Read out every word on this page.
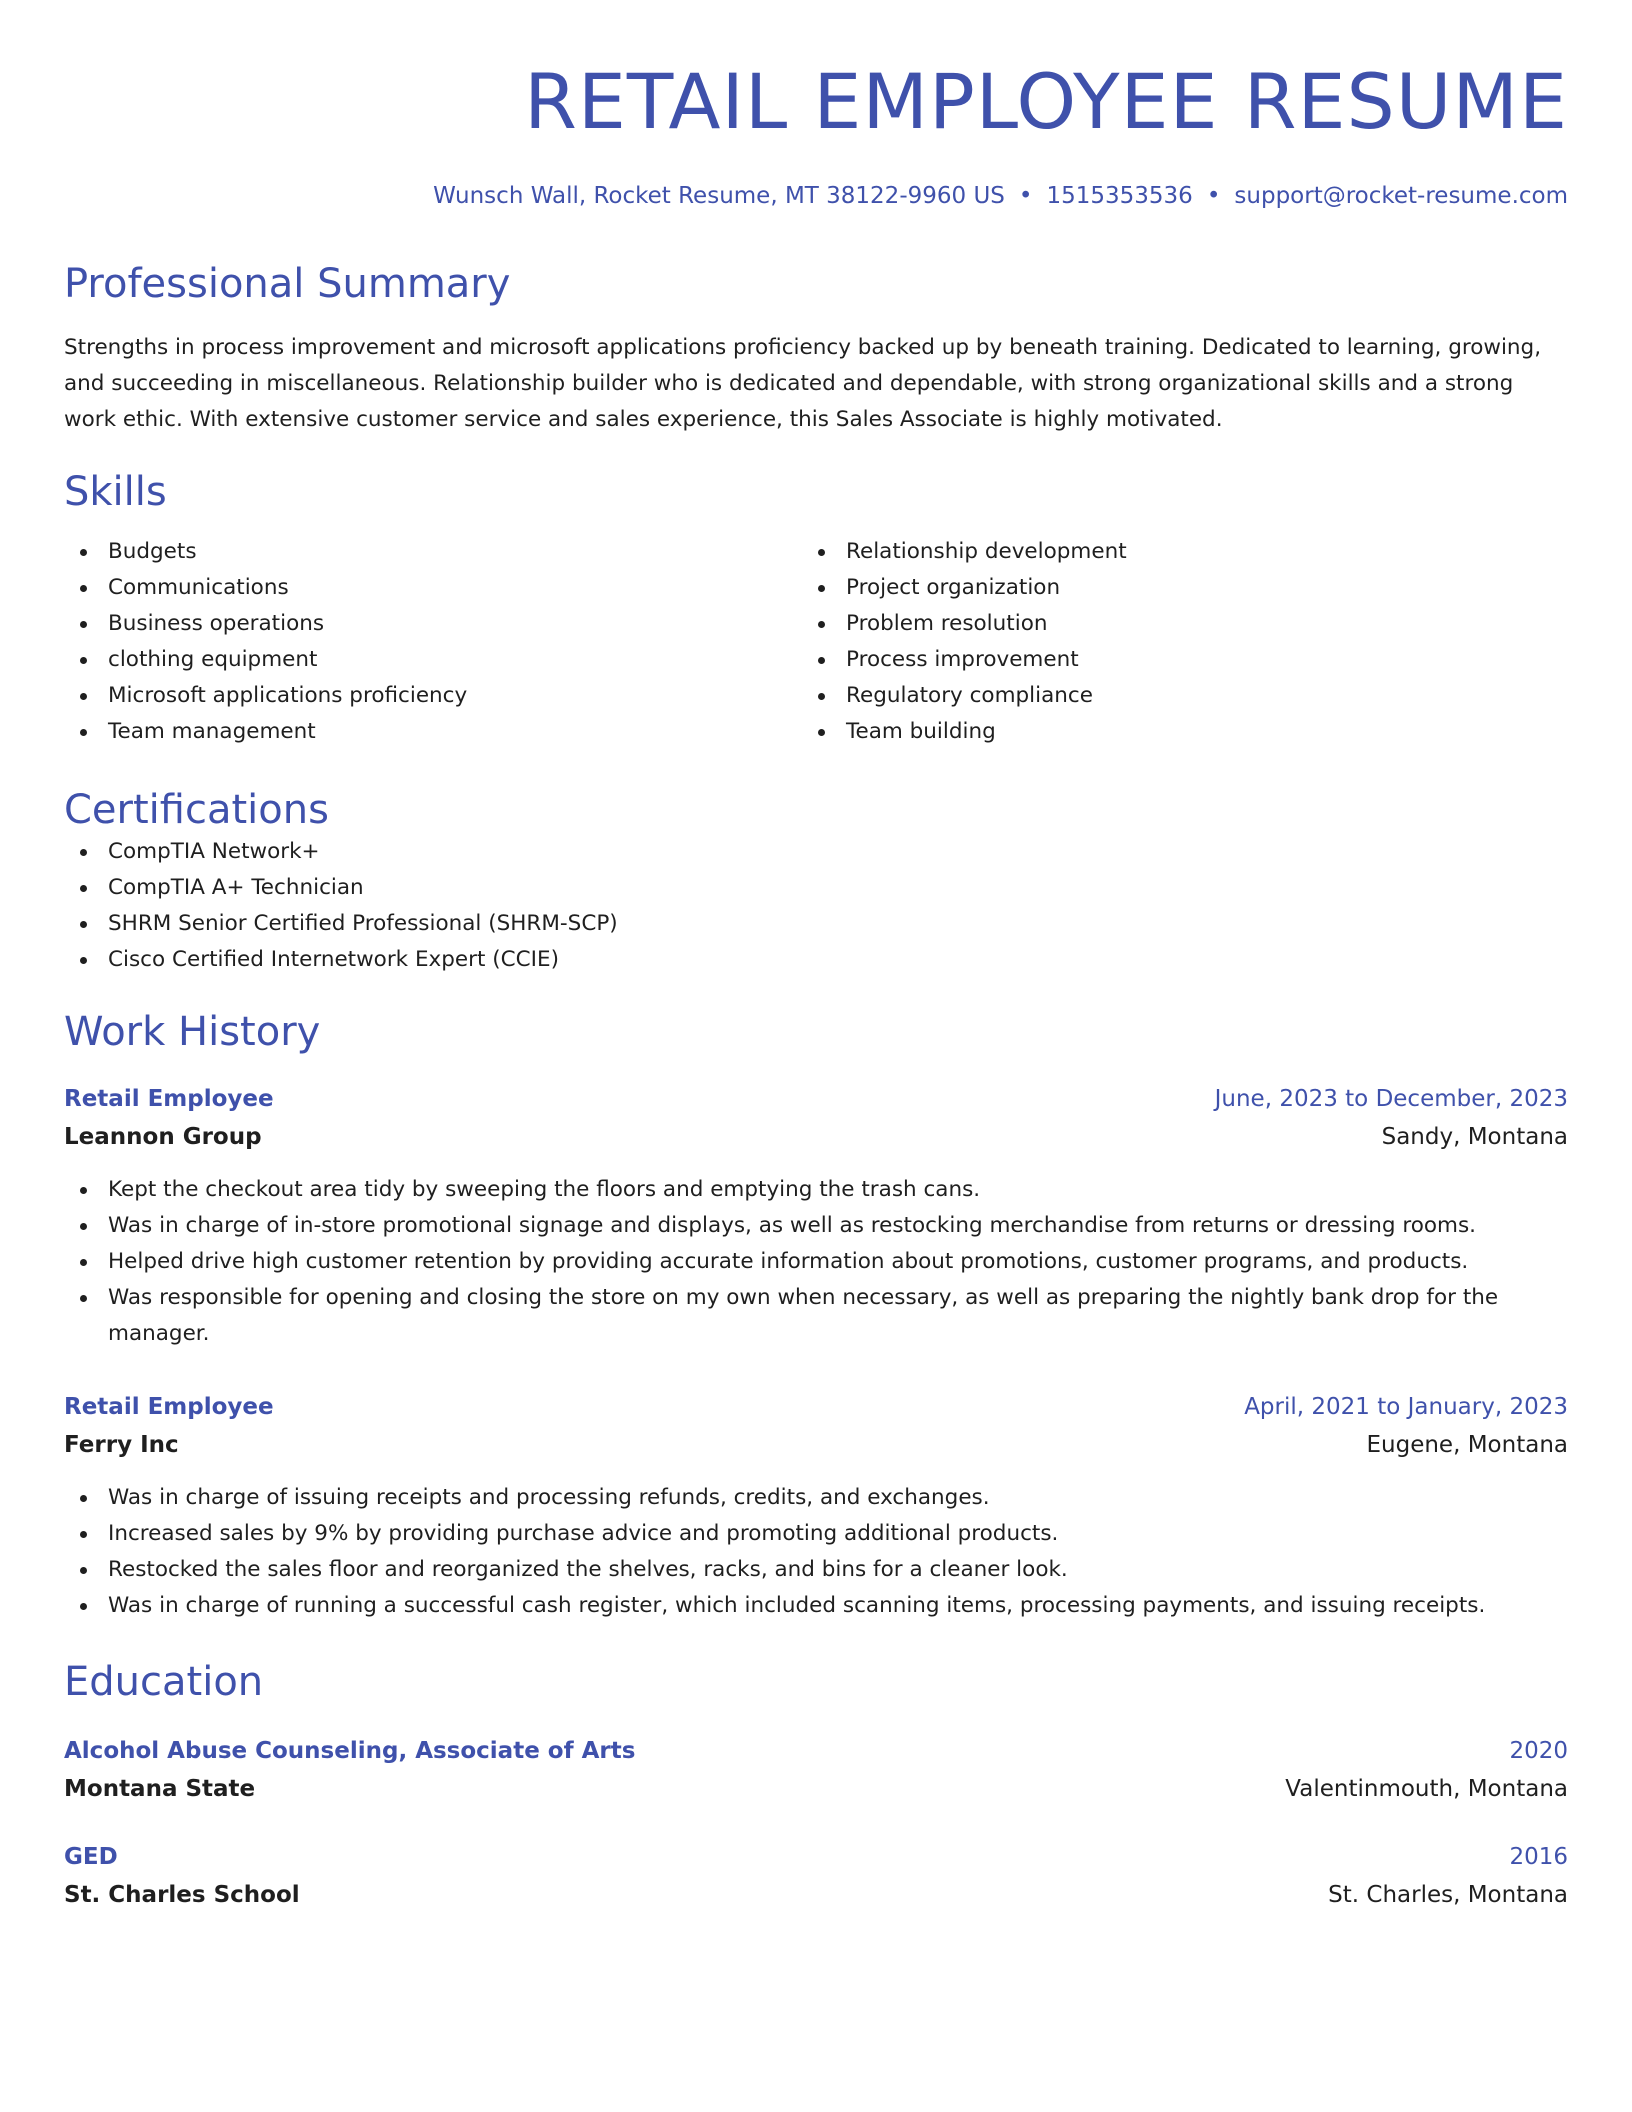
RETAIL EMPLOYEE RESUME
Wunsch Wall, Rocket Resume, MT 38122-9960 US • 1515353536 • support@rocket-resume.com
Professional Summary

Strengths in process improvement and microsoft applications proficiency backed up by beneath training. Dedicated to learning, growing, and succeeding in miscellaneous. Relationship builder who is dedicated and dependable, with strong organizational skills and a strong work ethic. With extensive customer service and sales experience, this Sales Associate is highly motivated.

Skills
Budgets
Communications
Business operations
clothing equipment
Microsoft applications proficiency
Team management
Relationship development
Project organization
Problem resolution
Process improvement
Regulatory compliance
Team building
Certifications
CompTIA Network+
CompTIA A+ Technician
SHRM Senior Certified Professional (SHRM-SCP)
Cisco Certified Internetwork Expert (CCIE)
Work History
Retail Employee	June, 2023 to December, 2023
Leannon Group	Sandy, Montana
Kept the checkout area tidy by sweeping the floors and emptying the trash cans.
Was in charge of in-store promotional signage and displays, as well as restocking merchandise from returns or dressing rooms.
Helped drive high customer retention by providing accurate information about promotions, customer programs, and products.
Was responsible for opening and closing the store on my own when necessary, as well as preparing the nightly bank drop for the manager.
Retail Employee	April, 2021 to January, 2023
Ferry Inc	Eugene, Montana
Was in charge of issuing receipts and processing refunds, credits, and exchanges.
Increased sales by 9% by providing purchase advice and promoting additional products.
Restocked the sales floor and reorganized the shelves, racks, and bins for a cleaner look.
Was in charge of running a successful cash register, which included scanning items, processing payments, and issuing receipts.
Education
Alcohol Abuse Counseling, Associate of Arts	2020
Montana State	Valentinmouth, Montana
GED	2016
St. Charles School	St. Charles, Montana
